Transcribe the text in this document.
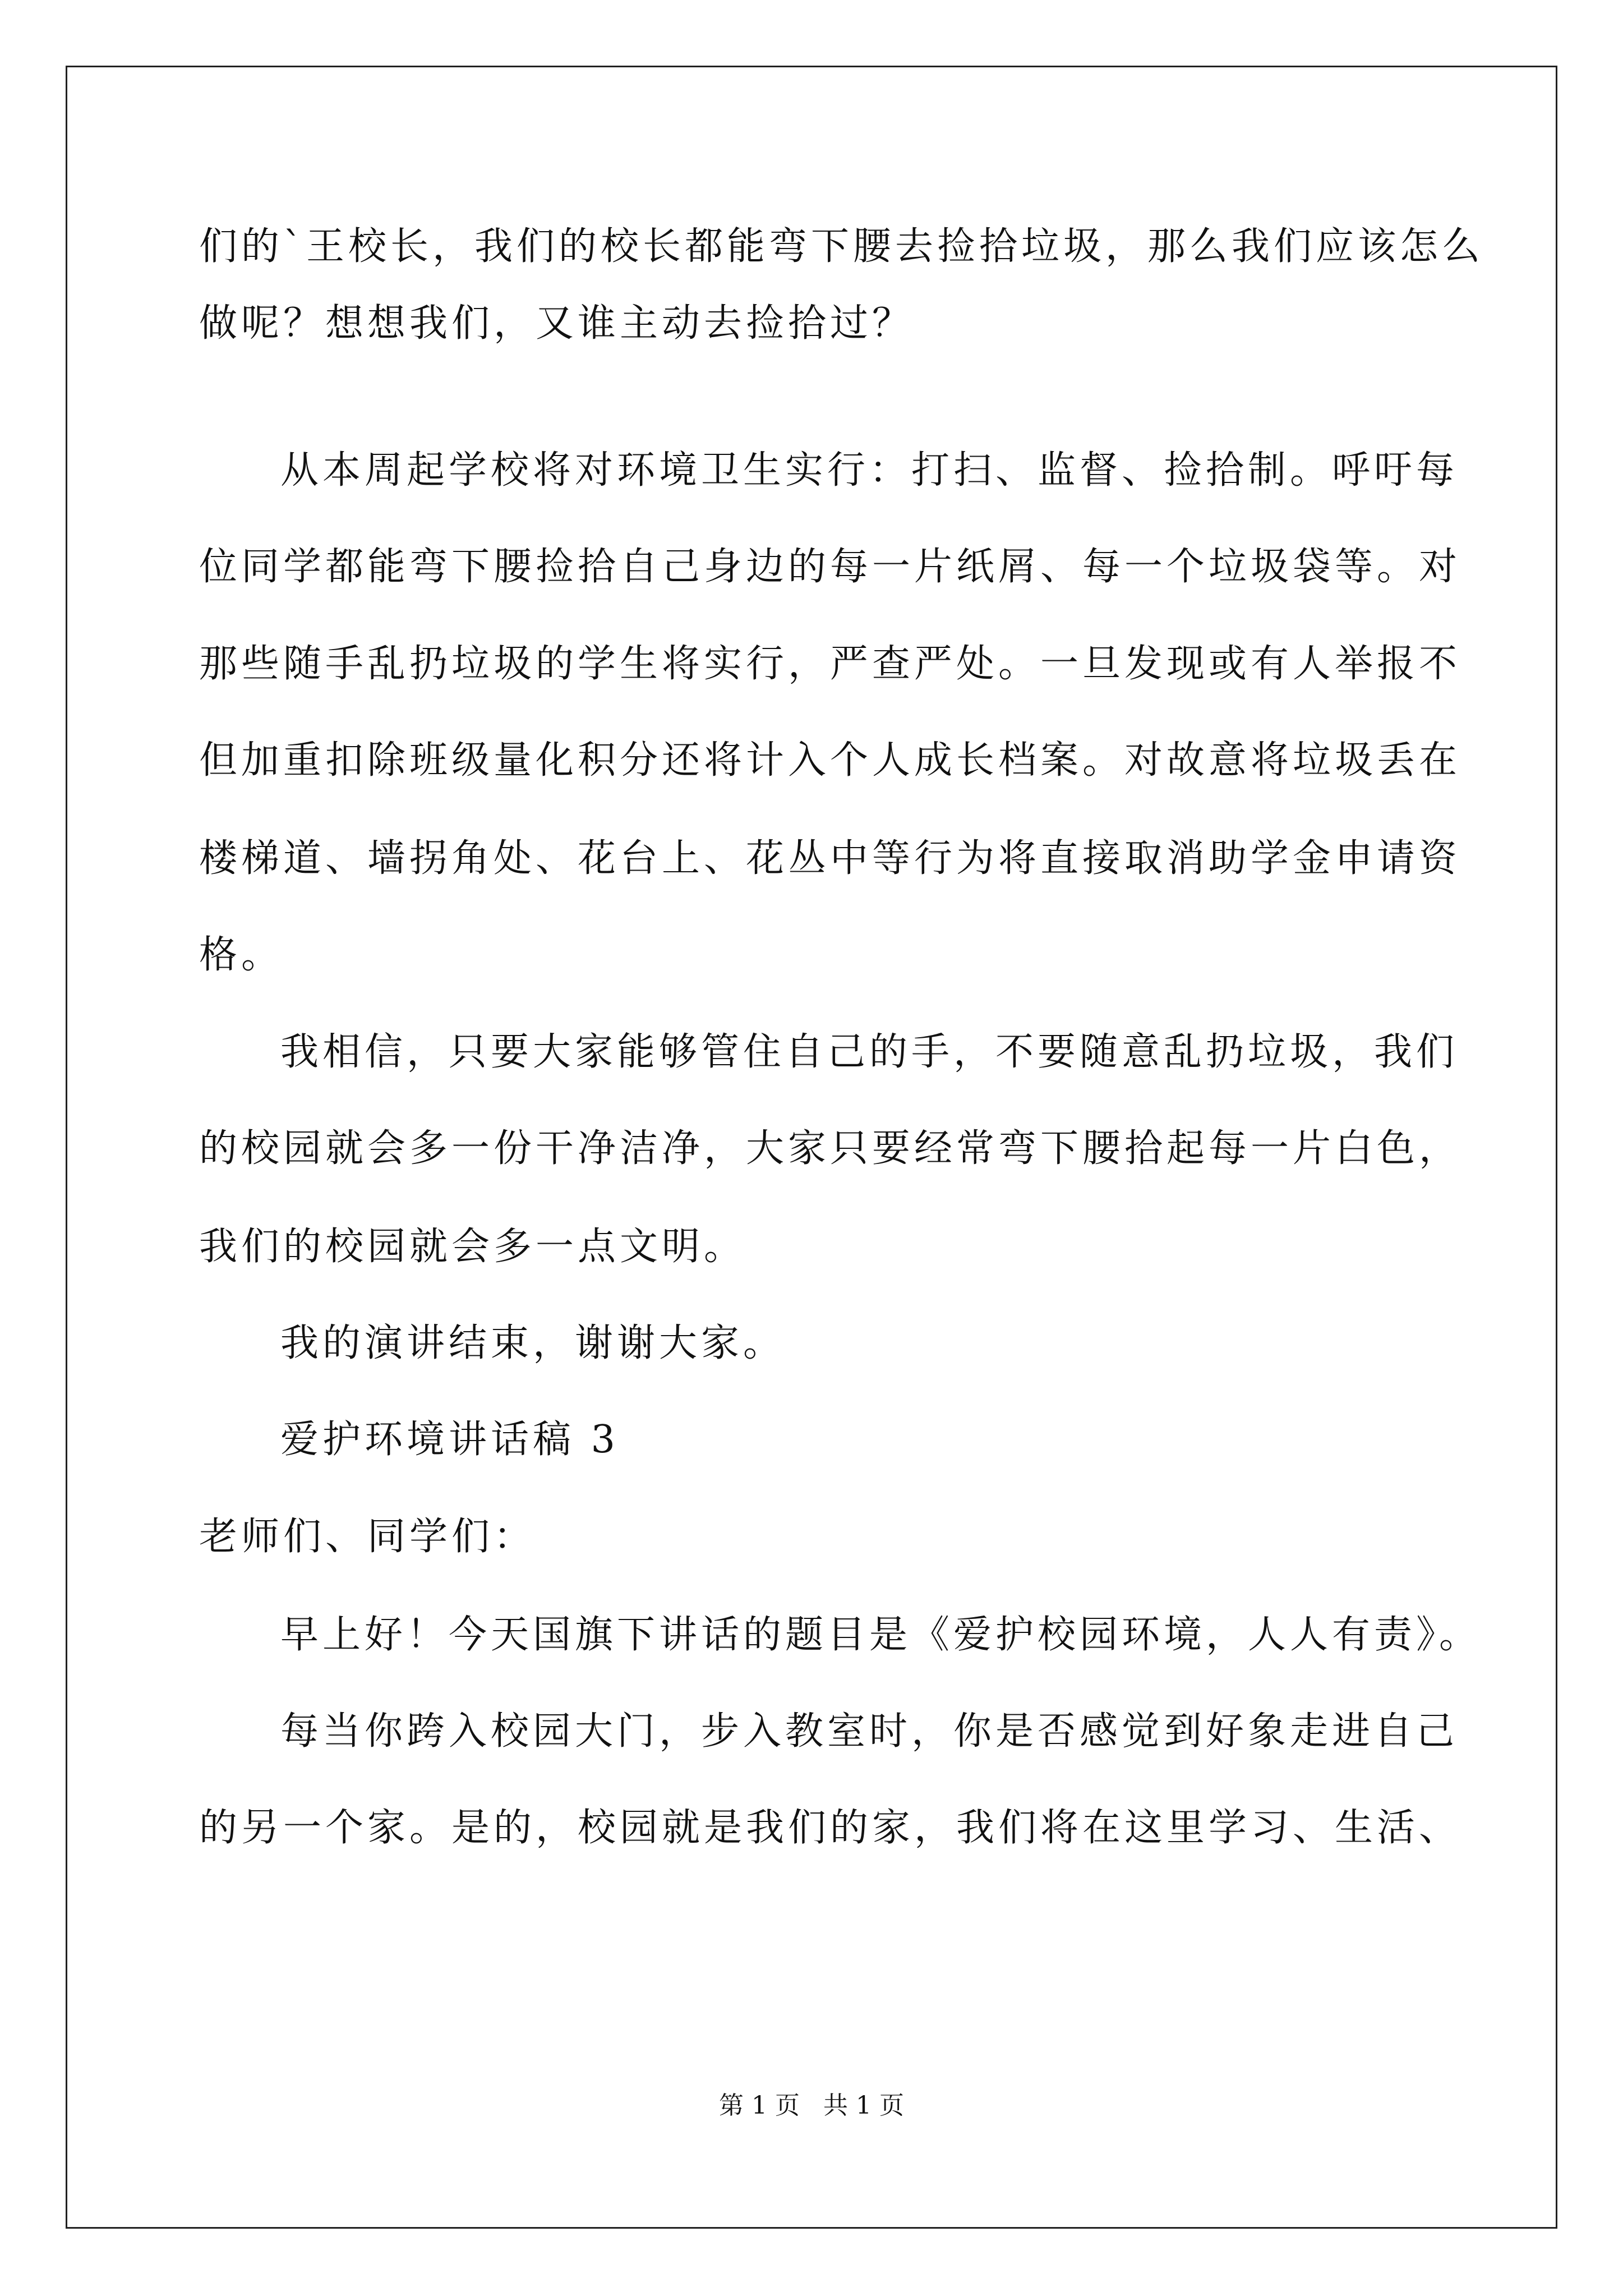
们的`王校长，我们的校长都能弯下腰去捡拾垃圾，那么我们应该怎么
做呢？想想我们，又谁主动去捡拾过？
从本周起学校将对环境卫生实行：打扫、监督、捡拾制。呼吁每
位同学都能弯下腰捡拾自己身边的每一片纸屑、每一个垃圾袋等。对
那些随手乱扔垃圾的学生将实行，严查严处。一旦发现或有人举报不
但加重扣除班级量化积分还将计入个人成长档案。对故意将垃圾丢在
楼梯道、墙拐角处、花台上、花丛中等行为将直接取消助学金申请资
格。
我相信，只要大家能够管住自己的手，不要随意乱扔垃圾，我们
的校园就会多一份干净洁净，大家只要经常弯下腰拾起每一片白色，
我们的校园就会多一点文明。
我的演讲结束，谢谢大家。
爱护环境讲话稿 3
老师们、同学们：
早上好！今天国旗下讲话的题目是《爱护校园环境，人人有责》。
每当你跨入校园大门，步入教室时，你是否感觉到好象走进自己
的另一个家。是的，校园就是我们的家，我们将在这里学习、生活、
第 1 页   共 1 页
